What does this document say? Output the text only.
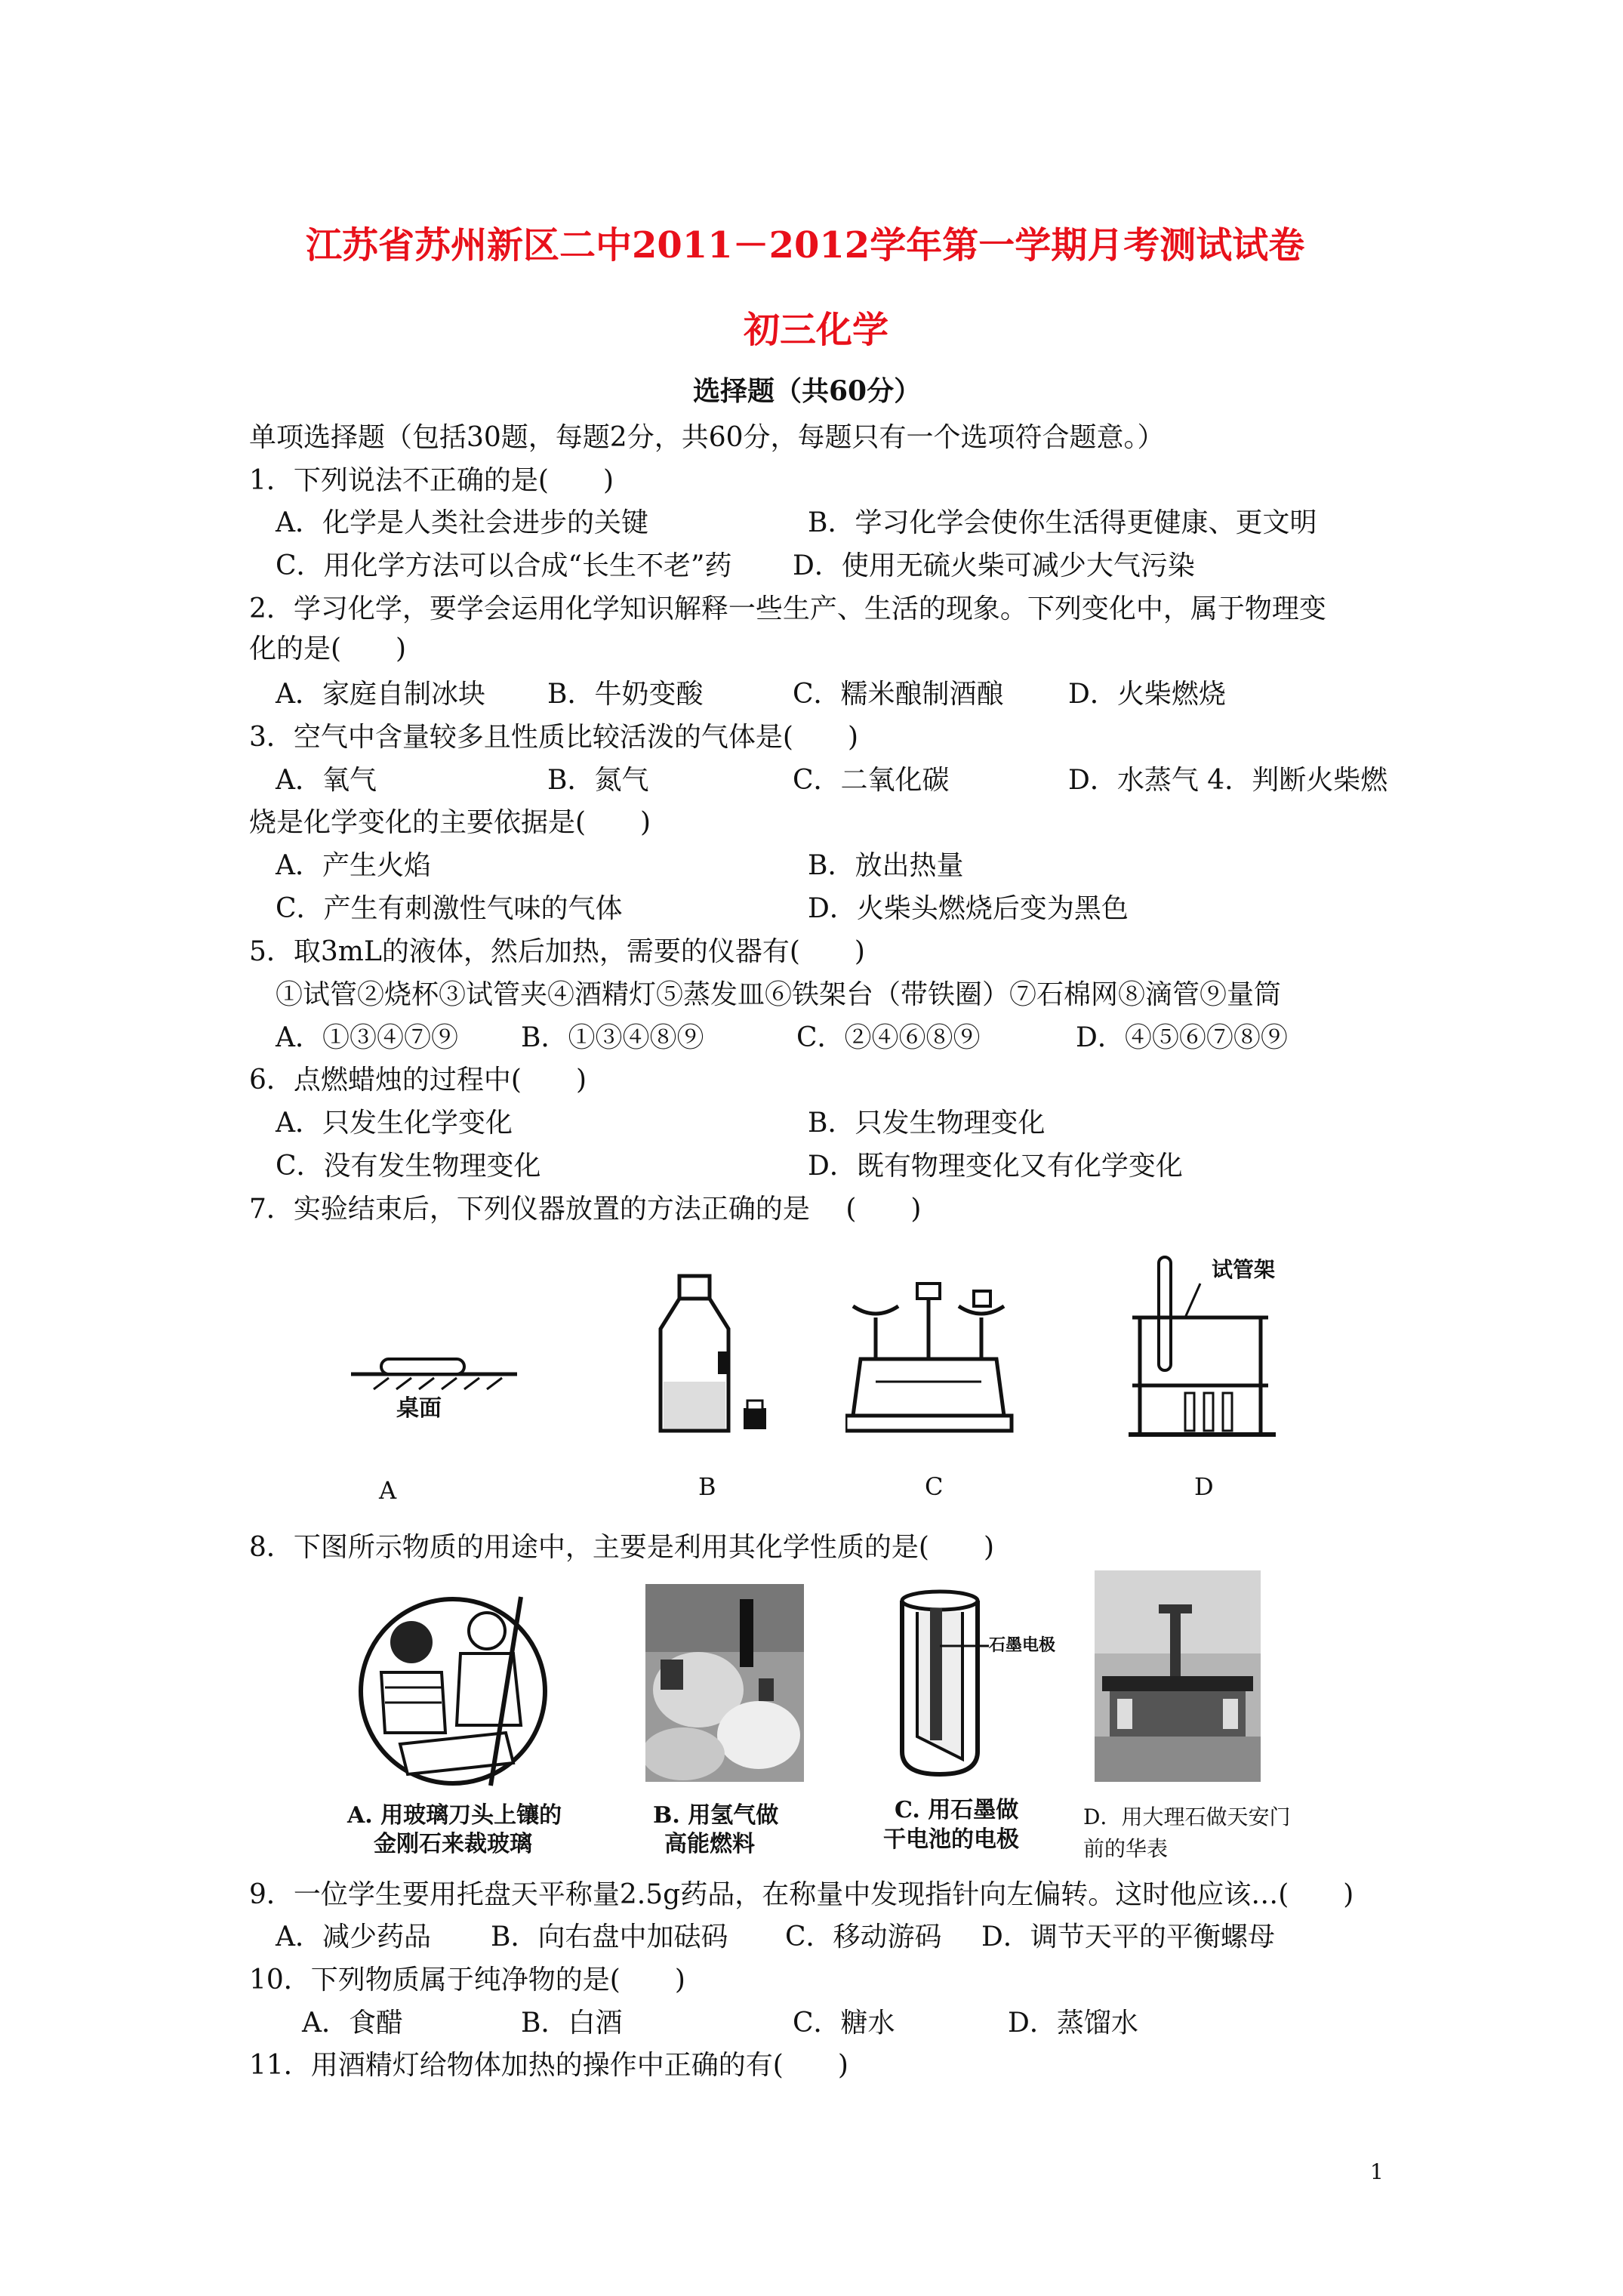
江苏省苏州新区二中2011－2012学年第一学期月考测试试卷
初三化学
选择题（共60分）
单项选择题（包括30题，每题2分，共60分，每题只有一个选项符合题意。）
1．下列说法不正确的是(　　)
A．化学是人类社会进步的关键	B．学习化学会使你生活得更健康、更文明
C．用化学方法可以合成“长生不老”药 D．使用无硫火柴可减少大气污染
2．学习化学，要学会运用化学知识解释一些生产、生活的现象。下列变化中，属于物理变
化的是(　　)
A．家庭自制冰块 B．牛奶变酸	C．糯米酿制酒酿 D．火柴燃烧
3．空气中含量较多且性质比较活泼的气体是(　　)
A．氧气	B．氮气	C．二氧化碳	D．水蒸气 4．判断火柴燃
烧是化学变化的主要依据是(　　)
A．产生火焰	B．放出热量
C．产生有刺激性气味的气体	D．火柴头燃烧后变为黑色
5．取3mL的液体，然后加热，需要的仪器有(　　)
①试管②烧杯③试管夹④酒精灯⑤蒸发皿⑥铁架台（带铁圈）⑦石棉网⑧滴管⑨量筒
A．①③④⑦⑨ B．①③④⑧⑨	C．②④⑥⑧⑨	D．④⑤⑥⑦⑧⑨
6．点燃蜡烛的过程中(　　)
A．只发生化学变化	B．只发生物理变化
C．没有发生物理变化	D．既有物理变化又有化学变化
7．实验结束后，下列仪器放置的方法正确的是　 (　　)
桌面
A	B	C
试管架
D
8．下图所示物质的用途中，主要是利用其化学性质的是(　　)
A. 用玻璃刀头上镶的
金刚石来裁玻璃
B. 用氢气做
高能燃料
石墨电极
C. 用石墨做
干电池的电极
D．用大理石做天安门
前的华表
9．一位学生要用托盘天平称量2.5g药品，在称量中发现指针向左偏转。这时他应该…(　　)
A．减少药品 B．向右盘中加砝码 C．移动游码 D．调节天平的平衡螺母
10．下列物质属于纯净物的是(　　)
A．食醋	B．白酒	C．糖水	D．蒸馏水
11．用酒精灯给物体加热的操作中正确的有(　　)
1
